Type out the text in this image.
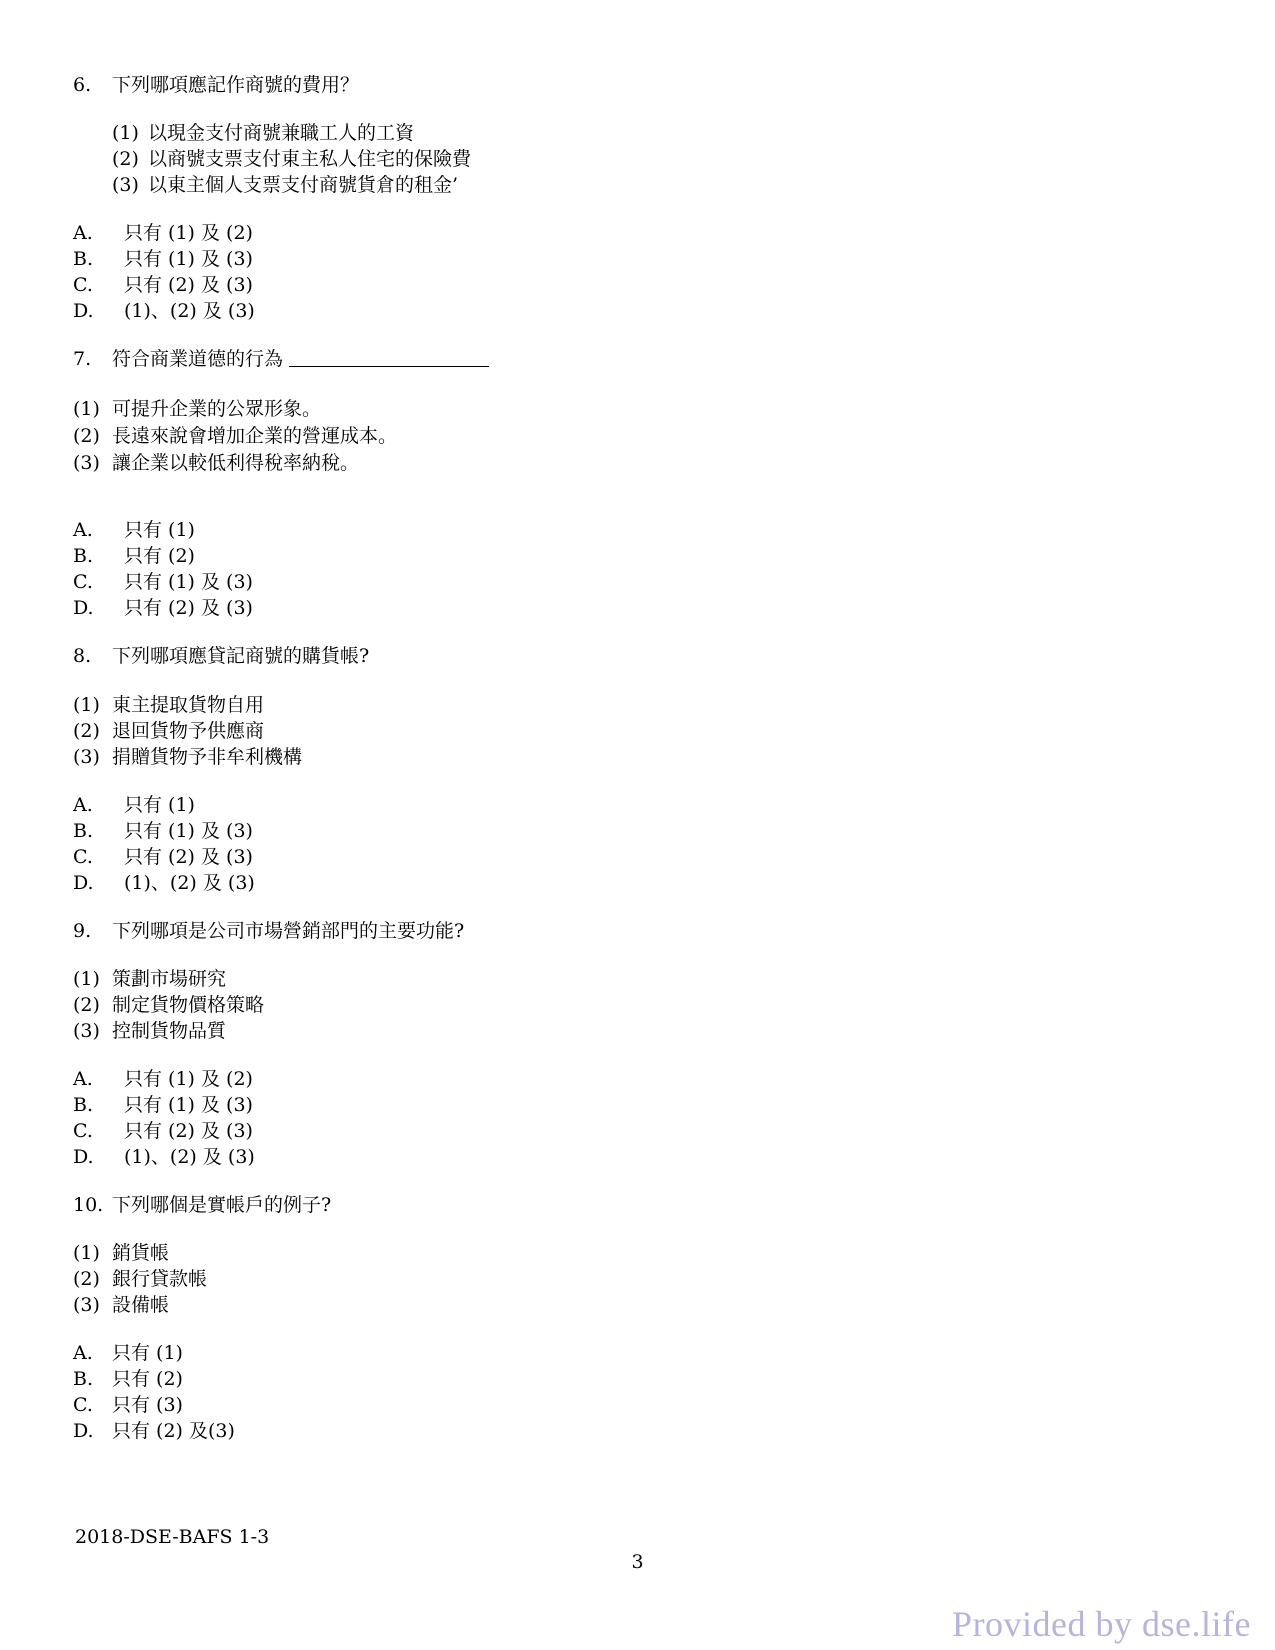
6.	下列哪項應記作商號的費用？
(1) 以現金支付商號兼職工人的工資
(2) 以商號支票支付東主私人住宅的保險費
(3) 以東主個人支票支付商號貨倉的租金’
A. 只有 (1) 及 (2)
B. 只有 (1) 及 (3)
C. 只有 (2) 及 (3)
D. (1)、(2) 及 (3)
7.	符合商業道德的行為
(1) 可提升企業的公眾形象。
(2) 長遠來說會增加企業的營運成本。
(3) 讓企業以較低利得稅率納稅。
A. 只有 (1)
B. 只有 (2)
C. 只有 (1) 及 (3)
D. 只有 (2) 及 (3)
8.	下列哪項應貸記商號的購貨帳?
(1) 東主提取貨物自用
(2) 退回貨物予供應商
(3) 捐贈貨物予非牟利機構
A. 只有 (1)
B. 只有 (1) 及 (3)
C. 只有 (2) 及 (3)
D. (1)、(2) 及 (3)
9.	下列哪項是公司市場營銷部門的主要功能?
(1) 策劃市場研究
(2) 制定貨物價格策略
(3) 控制貨物品質
A. 只有 (1) 及 (2)
B. 只有 (1) 及 (3)
C. 只有 (2) 及 (3)
D. (1)、(2) 及 (3)
10. 下列哪個是實帳戶的例子?
(1) 銷貨帳
(2) 銀行貸款帳
(3) 設備帳
A. 只有 (1)
B. 只有 (2)
C. 只有 (3)
D. 只有 (2) 及(3)
2018-DSE-BAFS 1-3
3
Provided by dse.life
